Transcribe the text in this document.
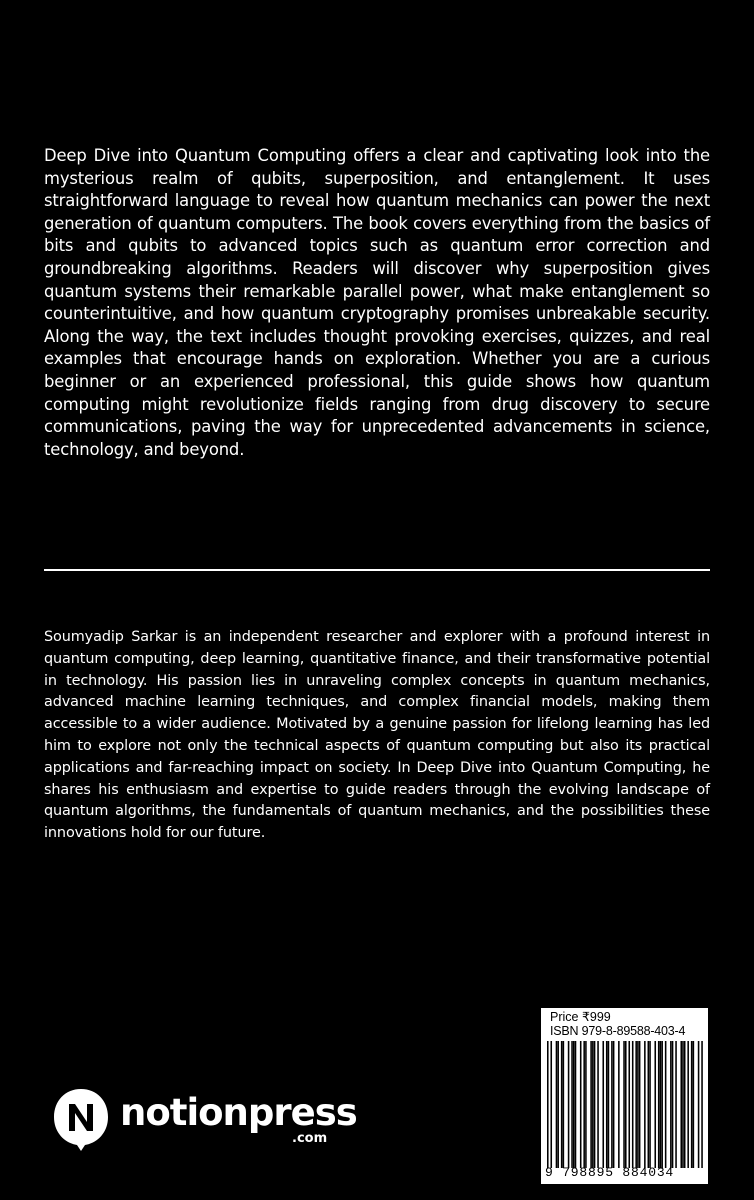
Deep Dive into Quantum Computing offers a clear and captivating look into the mysterious realm of qubits, superposition, and entanglement. It uses straightforward language to reveal how quantum mechanics can power the next generation of quantum computers. The book covers everything from the basics of bits and qubits to advanced topics such as quantum error correction and groundbreaking algorithms. Readers will discover why superposition gives quantum systems their remarkable parallel power, what make entanglement so counterintuitive, and how quantum cryptography promises unbreakable security. Along the way, the text includes thought provoking exercises, quizzes, and real examples that encourage hands on exploration. Whether you are a curious beginner or an experienced professional, this guide shows how quantum computing might revolutionize fields ranging from drug discovery to secure communications, paving the way for unprecedented advancements in science, technology, and beyond.

Soumyadip Sarkar is an independent researcher and explorer with a profound interest in quantum computing, deep learning, quantitative finance, and their transformative potential in technology. His passion lies in unraveling complex concepts in quantum mechanics, advanced machine learning techniques, and complex financial models, making them accessible to a wider audience. Motivated by a genuine passion for lifelong learning has led him to explore not only the technical aspects of quantum computing but also its practical applications and far-reaching impact on society. In Deep Dive into Quantum Computing, he shares his enthusiasm and expertise to guide readers through the evolving landscape of quantum algorithms, the fundamentals of quantum mechanics, and the possibilities these innovations hold for our future.

notionpress
.com
Price ₹999
ISBN 979-8-89588-403-4
9 798895 884034
